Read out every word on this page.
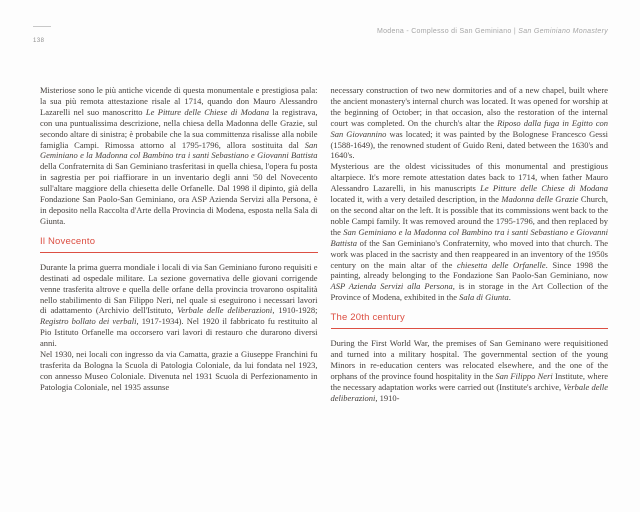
138
Modena - Complesso di San Geminiano | San Geminiano Monastery

Misteriose sono le più antiche vicende di questa monumentale e prestigiosa pala: la sua più remota attestazione risale al 1714, quando don Mauro Alessandro Lazarelli nel suo manoscritto Le Pitture delle Chiese di Modana la registrava, con una puntualissima descrizione, nella chiesa della Madonna delle Grazie, sul secondo altare di sinistra; è probabile che la sua committenza risalisse alla nobile famiglia Campi. Rimossa attorno al 1795-1796, allora sostituita dal San Geminiano e la Madonna col Bambino tra i santi Sebastiano e Giovanni Battista della Confraternita di San Geminiano trasferitasi in quella chiesa, l'opera fu posta in sagrestia per poi riaffiorare in un inventario degli anni '50 del Novecento sull'altare maggiore della chiesetta delle Orfanelle. Dal 1998 il dipinto, già della Fondazione San Paolo-San Geminiano, ora ASP Azienda Servizi alla Persona, è in deposito nella Raccolta d'Arte della Provincia di Modena, esposta nella Sala di Giunta.

Il Novecento

Durante la prima guerra mondiale i locali di via San Geminiano furono requisiti e destinati ad ospedale militare. La sezione governativa delle giovani corrigende venne trasferita altrove e quella delle orfane della provincia trovarono ospitalità nello stabilimento di San Filippo Neri, nel quale si eseguirono i necessari lavori di adattamento (Archivio dell'Istituto, Verbale delle deliberazioni, 1910-1928; Registro bollato dei verbali, 1917-1934). Nel 1920 il fabbricato fu restituito al Pio Istituto Orfanelle ma occorsero vari lavori di restauro che durarono diversi anni.

Nel 1930, nei locali con ingresso da via Camatta, grazie a Giuseppe Franchini fu trasferita da Bologna la Scuola di Patologia Coloniale, da lui fondata nel 1923, con annesso Museo Coloniale. Divenuta nel 1931 Scuola di Perfezionamento in Patologia Coloniale, nel 1935 assunse

necessary construction of two new dormitories and of a new chapel, built where the ancient monastery's internal church was located. It was opened for worship at the beginning of October; in that occasion, also the restoration of the internal court was completed. On the church's altar the Riposo dalla fuga in Egitto con San Giovannino was located; it was painted by the Bolognese Francesco Gessi (1588-1649), the renowned student of Guido Reni, dated between the 1630's and 1640's.

Mysterious are the oldest vicissitudes of this monumental and prestigious altarpiece. It's more remote attestation dates back to 1714, when father Mauro Alessandro Lazarelli, in his manuscripts Le Pitture delle Chiese di Modana located it, with a very detailed description, in the Madonna delle Grazie Church, on the second altar on the left. It is possible that its commissions went back to the noble Campi family. It was removed around the 1795-1796, and then replaced by the San Geminiano e la Madonna col Bambino tra i santi Sebastiano e Giovanni Battista of the San Geminiano's Confraternity, who moved into that church. The work was placed in the sacristy and then reappeared in an inventory of the 1950s century on the main altar of the chiesetta delle Orfanelle. Since 1998 the painting, already belonging to the Fondazione San Paolo-San Geminiano, now ASP Azienda Servizi alla Persona, is in storage in the Art Collection of the Province of Modena, exhibited in the Sala di Giunta.

The 20th century

During the First World War, the premises of San Geminano were requisitioned and turned into a military hospital. The governmental section of the young Minors in re-education centers was relocated elsewhere, and the one of the orphans of the province found hospitality in the San Filippo Neri Institute, where the necessary adaptation works were carried out (Institute's archive, Verbale delle deliberazioni, 1910-
